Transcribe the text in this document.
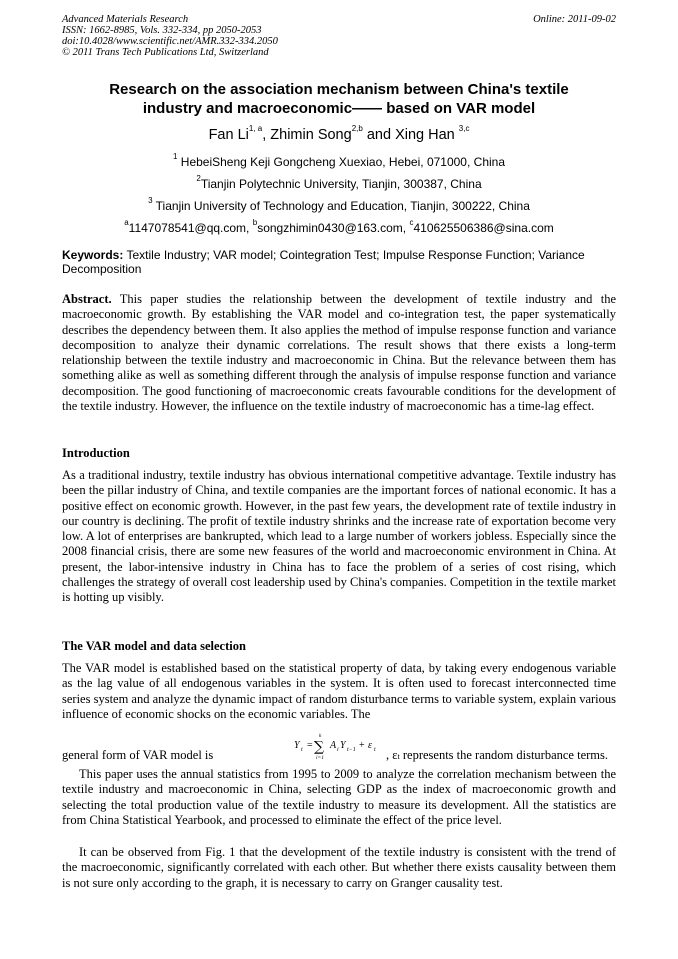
Advanced Materials Research
ISSN: 1662-8985, Vols. 332-334, pp 2050-2053
doi:10.4028/www.scientific.net/AMR.332-334.2050
© 2011 Trans Tech Publications Ltd, Switzerland
Online: 2011-09-02
Research on the association mechanism between China's textile
industry and macroeconomic—— based on VAR model
Fan Li$^{1, a}$, Zhimin Song$^{2,b}$ and Xing Han $^{3,c}$
$^1$ HebeiSheng Keji Gongcheng Xuexiao, Hebei, 071000, China
$^2$Tianjin Polytechnic University, Tianjin, 300387, China
$^3$ Tianjin University of Technology and Education, Tianjin, 300222, China
$^a$1147078541@qq.com, $^b$songzhimin0430@163.com, $^c$410625506386@sina.com
Keywords: Textile Industry; VAR model; Cointegration Test; Impulse Response Function; Variance Decomposition
Abstract. This paper studies the relationship between the development of textile industry and the macroeconomic growth. By establishing the VAR model and co-integration test, the paper systematically describes the dependency between them. It also applies the method of impulse response function and variance decomposition to analyze their dynamic correlations. The result shows that there exists a long-term relationship between the textile industry and macroeconomic in China. But the relevance between them has something alike as well as something different through the analysis of impulse response function and variance decomposition. The good functioning of macroeconomic creats favourable conditions for the development of the textile industry. However, the influence on the textile industry of macroeconomic has a time-lag effect.
Introduction
As a traditional industry, textile industry has obvious international competitive advantage. Textile industry has been the pillar industry of China, and textile companies are the important forces of national economic. It has a positive effect on economic growth. However, in the past few years, the development rate of textile industry in our country is declining. The profit of textile industry shrinks and the increase rate of exportation become very low. A lot of enterprises are bankrupted, which lead to a large number of workers jobless. Especially since the 2008 financial crisis, there are some new feasures of the world and macroeconomic environment in China. At present, the labor-intensive industry in China has to face the problem of a series of cost rising, which challenges the strategy of overall cost leadership used by China's companies. Competition in the textile market is hotting up visibly.
The VAR model and data selection
The VAR model is established based on the statistical property of data, by taking every endogenous variable as the lag value of all endogenous variables in the system. It is often used to forecast interconnected time series system and analyze the dynamic impact of random disturbance terms to variable system, explain various influence of economic shocks on the economic variables. The
general form of VAR model is
Y t =
k
∑
i=1
A i Y t−1 + ε t , εt represents the random disturbance terms.
This paper uses the annual statistics from 1995 to 2009 to analyze the correlation mechanism between the textile industry and macroeconomic in China, selecting GDP as the index of macroeconomic growth and selecting the total production value of the textile industry to measure its development. All the statistics are from China Statistical Yearbook, and processed to eliminate the effect of the price level.
It can be observed from Fig. 1 that the development of the textile industry is consistent with the trend of the macroeconomic, significantly correlated with each other. But whether there exists causality between them is not sure only according to the graph, it is necessary to carry on Granger causality test.
